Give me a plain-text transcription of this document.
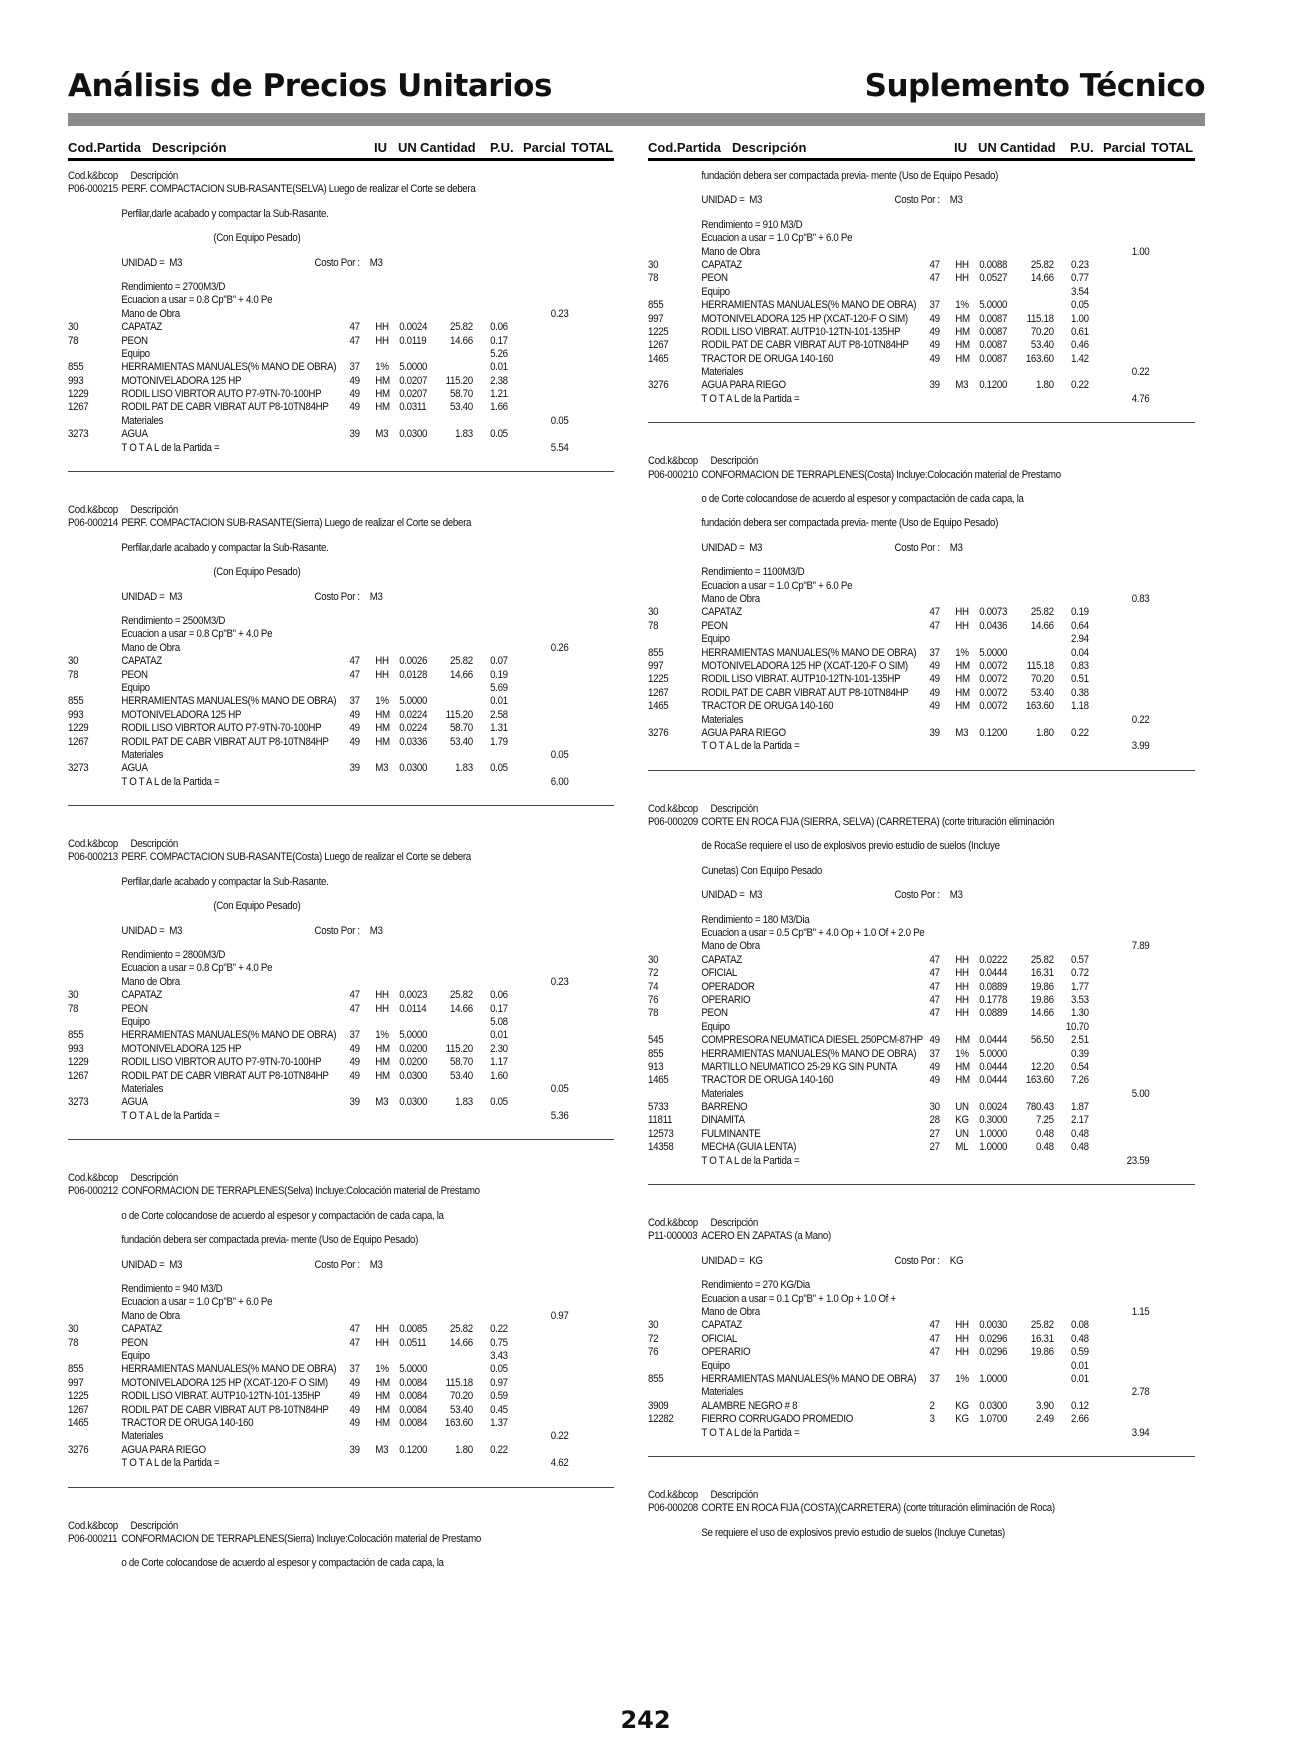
Análisis de Precios Unitarios	Suplemento Técnico
Cod.Partida Descripción	IU UN Cantidad P.U. Parcial TOTAL	Cod.Partida Descripción	IU UN Cantidad P.U. Parcial TOTAL
Cod.k&bcop Descripción
P06-000215 PERF. COMPACTACION SUB-RASANTE(SELVA) Luego de realizar el Corte se debera
Perfilar,darle acabado y compactar la Sub-Rasante.
(Con Equipo Pesado)
UNIDAD = M3	Costo Por : M3
Rendimiento = 2700M3/D
Ecuacion a usar = 0.8 Cp"B" + 4.0 Pe
Mano de Obra	0.23
30	CAPATAZ	47 HH 0.0024 25.82 0.06
78	PEON	47 HH 0.0119 14.66 0.17
Equipo	5.26
855	HERRAMIENTAS MANUALES(% MANO DE OBRA) 37 1% 5.0000	0.01
993	MOTONIVELADORA 125 HP	49 HM 0.0207 115.20 2.38
1229	RODIL LISO VIBRTOR AUTO P7-9TN-70-100HP	49 HM 0.0207 58.70 1.21
1267	RODIL PAT DE CABR VIBRAT AUT P8-10TN84HP 49 HM 0.0311 53.40 1.66
Materiales	0.05
3273	AGUA	39 M3 0.0300	1.83 0.05
T O T A L de la Partida =	5.54
Cod.k&bcop Descripción
P06-000214 PERF. COMPACTACION SUB-RASANTE(Sierra) Luego de realizar el Corte se debera
Perfilar,darle acabado y compactar la Sub-Rasante.
(Con Equipo Pesado)
UNIDAD = M3	Costo Por : M3
Rendimiento = 2500M3/D
Ecuacion a usar = 0.8 Cp"B" + 4.0 Pe
Mano de Obra	0.26
30	CAPATAZ	47 HH 0.0026 25.82 0.07
78	PEON	47 HH 0.0128 14.66 0.19
Equipo	5.69
855	HERRAMIENTAS MANUALES(% MANO DE OBRA) 37 1% 5.0000	0.01
993	MOTONIVELADORA 125 HP	49 HM 0.0224 115.20 2.58
1229	RODIL LISO VIBRTOR AUTO P7-9TN-70-100HP	49 HM 0.0224 58.70 1.31
1267	RODIL PAT DE CABR VIBRAT AUT P8-10TN84HP 49 HM 0.0336 53.40 1.79
Materiales	0.05
3273	AGUA	39 M3 0.0300	1.83 0.05
T O T A L de la Partida =	6.00
Cod.k&bcop Descripción
P06-000213 PERF. COMPACTACION SUB-RASANTE(Costa) Luego de realizar el Corte se debera
Perfilar,darle acabado y compactar la Sub-Rasante.
(Con Equipo Pesado)
UNIDAD = M3	Costo Por : M3
Rendimiento = 2800M3/D
Ecuacion a usar = 0.8 Cp"B" + 4.0 Pe
Mano de Obra	0.23
30	CAPATAZ	47 HH 0.0023 25.82 0.06
78	PEON	47 HH 0.0114 14.66 0.17
Equipo	5.08
855	HERRAMIENTAS MANUALES(% MANO DE OBRA) 37 1% 5.0000	0.01
993	MOTONIVELADORA 125 HP	49 HM 0.0200 115.20 2.30
1229	RODIL LISO VIBRTOR AUTO P7-9TN-70-100HP	49 HM 0.0200 58.70 1.17
1267	RODIL PAT DE CABR VIBRAT AUT P8-10TN84HP 49 HM 0.0300 53.40 1.60
Materiales	0.05
3273	AGUA	39 M3 0.0300	1.83 0.05
T O T A L de la Partida =	5.36
Cod.k&bcop Descripción
P06-000212 CONFORMACION DE TERRAPLENES(Selva) Incluye:Colocación material de Prestamo
o de Corte colocandose de acuerdo al espesor y compactación de cada capa, la
fundación debera ser compactada previa- mente (Uso de Equipo Pesado)
UNIDAD = M3	Costo Por : M3
Rendimiento = 940 M3/D
Ecuacion a usar = 1.0 Cp"B" + 6.0 Pe
Mano de Obra	0.97
30	CAPATAZ	47 HH 0.0085 25.82 0.22
78	PEON	47 HH 0.0511 14.66 0.75
Equipo	3.43
855	HERRAMIENTAS MANUALES(% MANO DE OBRA) 37 1% 5.0000	0.05
997	MOTONIVELADORA 125 HP (XCAT-120-F O SIM) 49 HM 0.0084 115.18 0.97
1225	RODIL LISO VIBRAT. AUTP10-12TN-101-135HP	49 HM 0.0084 70.20 0.59
1267	RODIL PAT DE CABR VIBRAT AUT P8-10TN84HP 49 HM 0.0084 53.40 0.45
1465	TRACTOR DE ORUGA 140-160	49 HM 0.0084 163.60 1.37
Materiales	0.22
3276	AGUA PARA RIEGO	39 M3 0.1200	1.80 0.22
T O T A L de la Partida =	4.62
Cod.k&bcop Descripción
P06-000211 CONFORMACION DE TERRAPLENES(Sierra) Incluye:Colocación material de Prestamo
o de Corte colocandose de acuerdo al espesor y compactación de cada capa, la
fundación debera ser compactada previa- mente (Uso de Equipo Pesado)
UNIDAD = M3	Costo Por : M3
Rendimiento = 910 M3/D
Ecuacion a usar = 1.0 Cp"B" + 6.0 Pe
Mano de Obra	1.00
30	CAPATAZ	47 HH 0.0088 25.82 0.23
78	PEON	47 HH 0.0527 14.66 0.77
Equipo	3.54
855	HERRAMIENTAS MANUALES(% MANO DE OBRA) 37 1% 5.0000	0.05
997	MOTONIVELADORA 125 HP (XCAT-120-F O SIM) 49 HM 0.0087 115.18 1.00
1225	RODIL LISO VIBRAT. AUTP10-12TN-101-135HP	49 HM 0.0087 70.20 0.61
1267	RODIL PAT DE CABR VIBRAT AUT P8-10TN84HP 49 HM 0.0087 53.40 0.46
1465	TRACTOR DE ORUGA 140-160	49 HM 0.0087 163.60 1.42
Materiales	0.22
3276	AGUA PARA RIEGO	39 M3 0.1200	1.80 0.22
T O T A L de la Partida =	4.76
Cod.k&bcop Descripción
P06-000210 CONFORMACION DE TERRAPLENES(Costa) Incluye:Colocación material de Prestamo
o de Corte colocandose de acuerdo al espesor y compactación de cada capa, la
fundación debera ser compactada previa- mente (Uso de Equipo Pesado)
UNIDAD = M3	Costo Por : M3
Rendimiento = 1100M3/D
Ecuacion a usar = 1.0 Cp"B" + 6.0 Pe
Mano de Obra	0.83
30	CAPATAZ	47 HH 0.0073 25.82 0.19
78	PEON	47 HH 0.0436 14.66 0.64
Equipo	2.94
855	HERRAMIENTAS MANUALES(% MANO DE OBRA) 37 1% 5.0000	0.04
997	MOTONIVELADORA 125 HP (XCAT-120-F O SIM) 49 HM 0.0072 115.18 0.83
1225	RODIL LISO VIBRAT. AUTP10-12TN-101-135HP	49 HM 0.0072 70.20 0.51
1267	RODIL PAT DE CABR VIBRAT AUT P8-10TN84HP 49 HM 0.0072 53.40 0.38
1465	TRACTOR DE ORUGA 140-160	49 HM 0.0072 163.60 1.18
Materiales	0.22
3276	AGUA PARA RIEGO	39 M3 0.1200	1.80 0.22
T O T A L de la Partida =	3.99
Cod.k&bcop Descripción
P06-000209 CORTE EN ROCA FIJA (SIERRA, SELVA) (CARRETERA) (corte trituración eliminación
de RocaSe requiere el uso de explosivos previo estudio de suelos (Incluye
Cunetas) Con Equipo Pesado
UNIDAD = M3	Costo Por : M3
Rendimiento = 180 M3/Dia
Ecuacion a usar = 0.5 Cp"B" + 4.0 Op + 1.0 Of + 2.0 Pe
Mano de Obra	7.89
30	CAPATAZ	47 HH 0.0222 25.82 0.57
72	OFICIAL	47 HH 0.0444 16.31 0.72
74	OPERADOR	47 HH 0.0889 19.86 1.77
76	OPERARIO	47 HH 0.1778 19.86 3.53
78	PEON	47 HH 0.0889 14.66 1.30
Equipo	10.70
545	COMPRESORA NEUMATICA DIESEL 250PCM-87HP 49 HM 0.0444 56.50 2.51
855	HERRAMIENTAS MANUALES(% MANO DE OBRA) 37 1% 5.0000	0.39
913	MARTILLO NEUMATICO 25-29 KG SIN PUNTA	49 HM 0.0444 12.20 0.54
1465	TRACTOR DE ORUGA 140-160	49 HM 0.0444 163.60 7.26
Materiales	5.00
5733	BARRENO	30 UN 0.0024 780.43 1.87
11811	DINAMITA	28 KG 0.3000	7.25 2.17
12573	FULMINANTE	27 UN 1.0000	0.48 0.48
14358	MECHA (GUIA LENTA)	27 ML 1.0000	0.48 0.48
T O T A L de la Partida =	23.59
Cod.k&bcop Descripción
P11-000003 ACERO EN ZAPATAS (a Mano)
UNIDAD = KG	Costo Por : KG
Rendimiento = 270 KG/Dia
Ecuacion a usar = 0.1 Cp"B" + 1.0 Op + 1.0 Of +
Mano de Obra	1.15
30	CAPATAZ	47 HH 0.0030 25.82 0.08
72	OFICIAL	47 HH 0.0296 16.31 0.48
76	OPERARIO	47 HH 0.0296 19.86 0.59
Equipo	0.01
855	HERRAMIENTAS MANUALES(% MANO DE OBRA) 37 1% 1.0000	0.01
Materiales	2.78
3909	ALAMBRE NEGRO # 8	2 KG 0.0300	3.90 0.12
12282	FIERRO CORRUGADO PROMEDIO	3 KG 1.0700	2.49 2.66
T O T A L de la Partida =	3.94
Cod.k&bcop Descripción
P06-000208 CORTE EN ROCA FIJA (COSTA)(CARRETERA) (corte trituración eliminación de Roca)
Se requiere el uso de explosivos previo estudio de suelos (Incluye Cunetas)
242
